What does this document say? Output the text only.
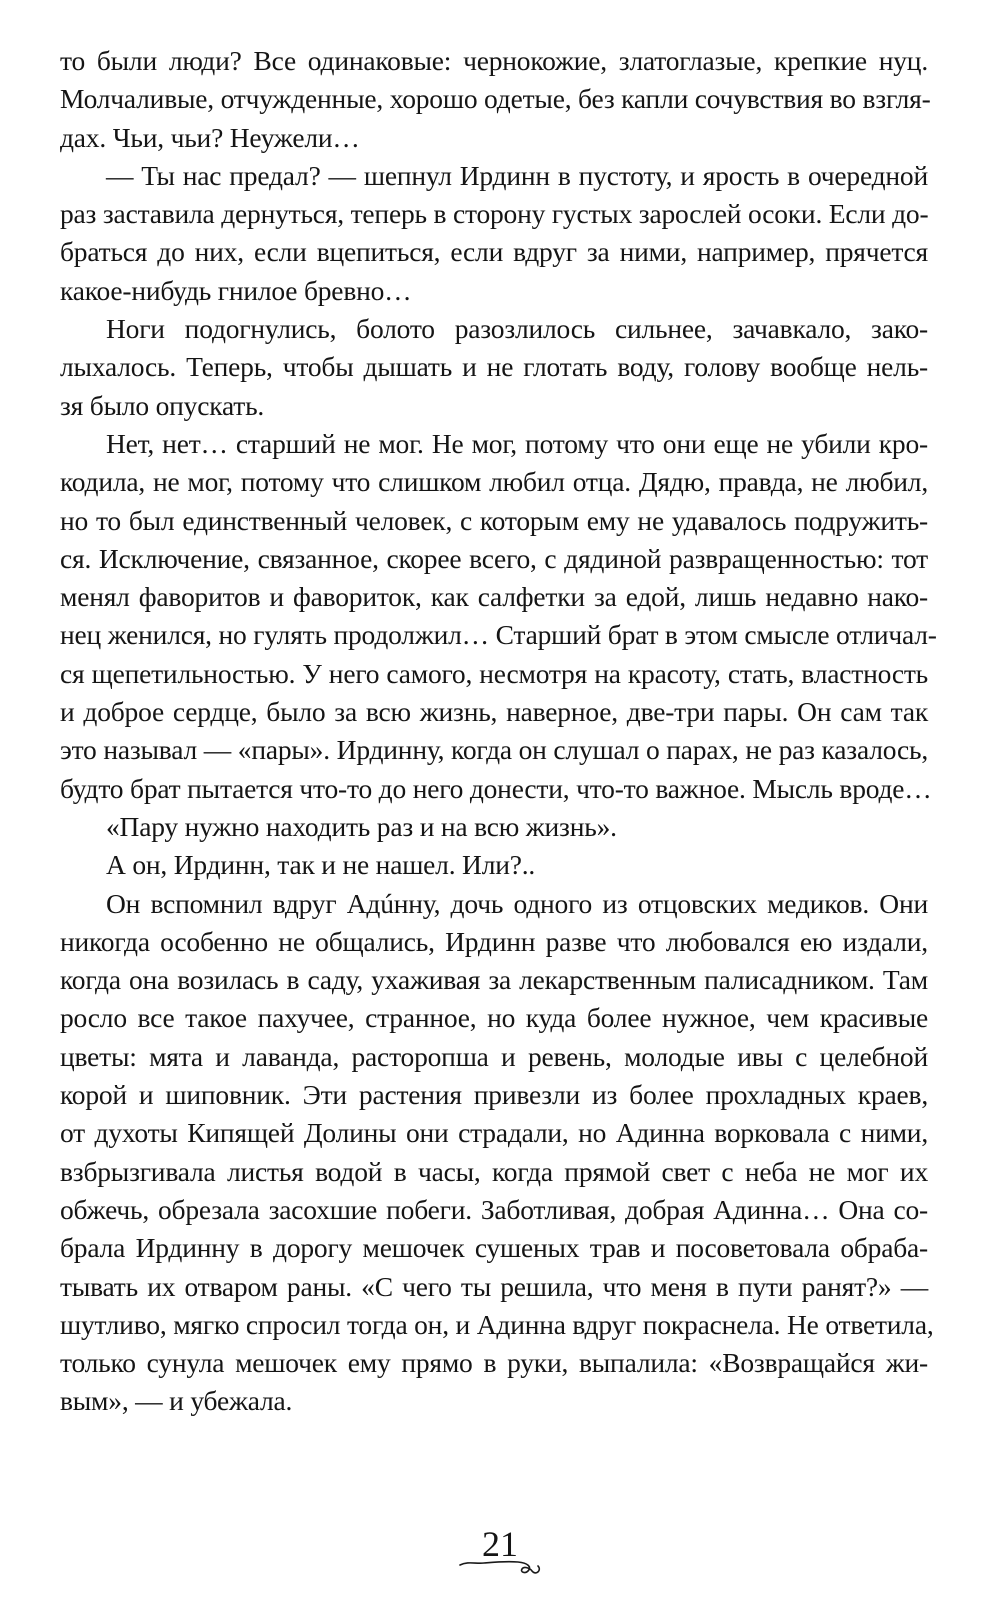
то были люди? Все одинаковые: чернокожие, златоглазые, крепкие нуц.
Молчаливые, отчужденные, хорошо одетые, без капли сочувствия во взгля-
дах. Чьи, чьи? Неужели…
— Ты нас предал? — шепнул Ирдинн в пустоту, и ярость в очередной
раз заставила дернуться, теперь в сторону густых зарослей осоки. Если до-
браться до них, если вцепиться, если вдруг за ними, например, прячется
какое-нибудь гнилое бревно…
Ноги подогнулись, болото разозлилось сильнее, зачавкало, зако-
лыхалось. Теперь, чтобы дышать и не глотать воду, голову вообще нель-
зя было опускать.
Нет, нет… старший не мог. Не мог, потому что они еще не убили кро-
кодила, не мог, потому что слишком любил отца. Дядю, правда, не любил,
но то был единственный человек, с которым ему не удавалось подружить-
ся. Исключение, связанное, скорее всего, с дядиной развращенностью: тот
менял фаворитов и фавориток, как салфетки за едой, лишь недавно нако-
нец женился, но гулять продолжил… Старший брат в этом смысле отличал-
ся щепетильностью. У него самого, несмотря на красоту, стать, властность
и доброе сердце, было за всю жизнь, наверное, две-три пары. Он сам так
это называл — «пары». Ирдинну, когда он слушал о парах, не раз казалось,
будто брат пытается что-то до него донести, что-то важное. Мысль вроде…
«Пару нужно находить раз и на всю жизнь».
А он, Ирдинн, так и не нашел. Или?..
Он вспомнил вдруг Адúнну, дочь одного из отцовских медиков. Они
никогда особенно не общались, Ирдинн разве что любовался ею издали,
когда она возилась в саду, ухаживая за лекарственным палисадником. Там
росло все такое пахучее, странное, но куда более нужное, чем красивые
цветы: мята и лаванда, расторопша и ревень, молодые ивы с целебной
корой и шиповник. Эти растения привезли из более прохладных краев,
от духоты Кипящей Долины они страдали, но Адинна ворковала с ними,
взбрызгивала листья водой в часы, когда прямой свет с неба не мог их
обжечь, обрезала засохшие побеги. Заботливая, добрая Адинна… Она со-
брала Ирдинну в дорогу мешочек сушеных трав и посоветовала обраба-
тывать их отваром раны. «С чего ты решила, что меня в пути ранят?» —
шутливо, мягко спросил тогда он, и Адинна вдруг покраснела. Не ответила,
только сунула мешочек ему прямо в руки, выпалила: «Возвращайся жи-
вым», — и убежала.
21
